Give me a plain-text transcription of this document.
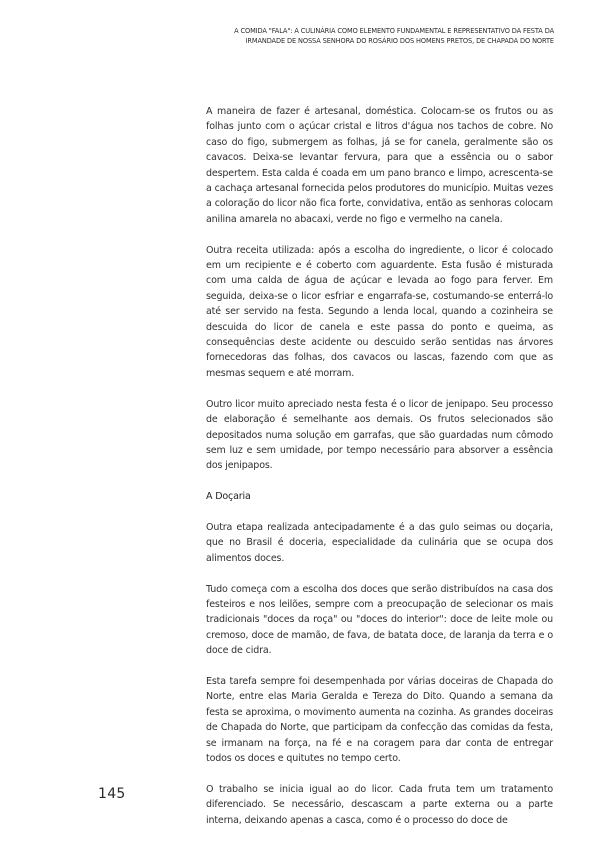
A COMIDA "FALA": A CULINÁRIA COMO ELEMENTO FUNDAMENTAL E REPRESENTATIVO DA FESTA DA
IRMANDADE DE NOSSA SENHORA DO ROSÁRIO DOS HOMENS PRETOS, DE CHAPADA DO NORTE

A maneira de fazer é artesanal, doméstica. Colocam-se os frutos ou as folhas junto com o açúcar cristal e litros d'água nos tachos de cobre. No caso do figo, submergem as folhas, já se for canela, geralmente são os cavacos. Deixa-se levantar fervura, para que a essência ou o sabor despertem. Esta calda é coada em um pano branco e limpo, acrescenta-se a cachaça artesanal fornecida pelos produtores do município. Muitas vezes a coloração do licor não fica forte, convidativa, então as senhoras colocam anilina amarela no abacaxi, verde no figo e vermelho na canela.

Outra receita utilizada: após a escolha do ingrediente, o licor é colocado em um recipiente e é coberto com aguardente. Esta fusão é misturada com uma calda de água de açúcar e levada ao fogo para ferver. Em seguida, deixa-se o licor esfriar e engarrafa-se, costumando-se enterrá-lo até ser servido na festa. Segundo a lenda local, quando a cozinheira se descuida do licor de canela e este passa do ponto e queima, as consequências deste acidente ou descuido serão sentidas nas árvores fornecedoras das folhas, dos cavacos ou lascas, fazendo com que as mesmas sequem e até morram.

Outro licor muito apreciado nesta festa é o licor de jenipapo. Seu processo de elaboração é semelhante aos demais. Os frutos selecionados são depositados numa solução em garrafas, que são guardadas num cômodo sem luz e sem umidade, por tempo necessário para absorver a essência dos jenipapos.

A Doçaria

Outra etapa realizada antecipadamente é a das gulo seimas ou doçaria, que no Brasil é doceria, especialidade da culinária que se ocupa dos alimentos doces.

Tudo começa com a escolha dos doces que serão distribuídos na casa dos festeiros e nos leilões, sempre com a preocupação de selecionar os mais tradicionais "doces da roça" ou "doces do interior": doce de leite mole ou cremoso, doce de mamão, de fava, de batata doce, de laranja da terra e o doce de cidra.

Esta tarefa sempre foi desempenhada por várias doceiras de Chapada do Norte, entre elas Maria Geralda e Tereza do Dito. Quando a semana da festa se aproxima, o movimento aumenta na cozinha. As grandes doceiras de Chapada do Norte, que participam da confecção das comidas da festa, se irmanam na força, na fé e na coragem para dar conta de entregar todos os doces e quitutes no tempo certo.

O trabalho se inicia igual ao do licor. Cada fruta tem um tratamento diferenciado. Se necessário, descascam a parte externa ou a parte interna, deixando apenas a casca, como é o processo do doce de

145
